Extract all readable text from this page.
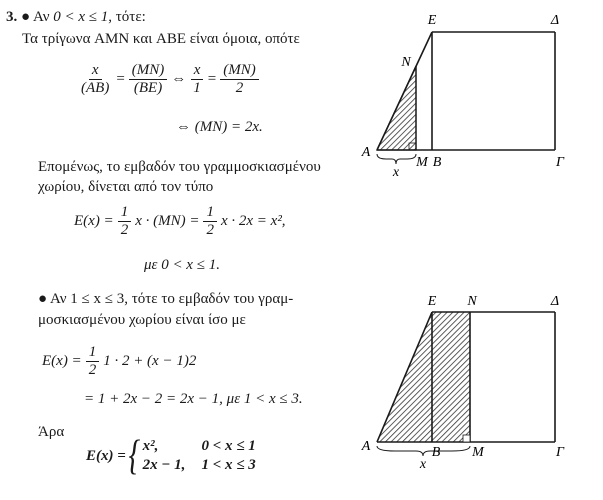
3. ● Αν 0 < x ≤ 1, τότε:
Τα τρίγωνα AMN και ABE είναι όμοια, οπότε
$\frac{x}{(AB)} = \frac{(MN)}{(BE)}$ ⇔ $\frac{x}{1} = \frac{(MN)}{2}$
⇔ (MN) = 2x.
Επομένως, το εμβαδόν του γραμμοσκιασμένου
χωρίου, δίνεται από τον τύπο
$E(x) = \frac{1}{2}$ $x \cdot (MN) = \frac{1}{2}$ x · 2x = x²,
με 0 < x ≤ 1.
● Αν 1 ≤ x ≤ 3, τότε το εμβαδόν του γραμ-
μοσκιασμένου χωρίου είναι ίσο με
$E(x) = \frac{1}{2} 1 \cdot 2 + (x - 1)2$
= 1 + 2x − 2 = 2x − 1, με 1 < x ≤ 3.
Άρα
E(x) = { x²,	0 < x ≤ 1
2x − 1, 1 < x ≤ 3
E	Δ
N
A
M B	Γ
x
E N	Δ
A	B M	Γ
x
